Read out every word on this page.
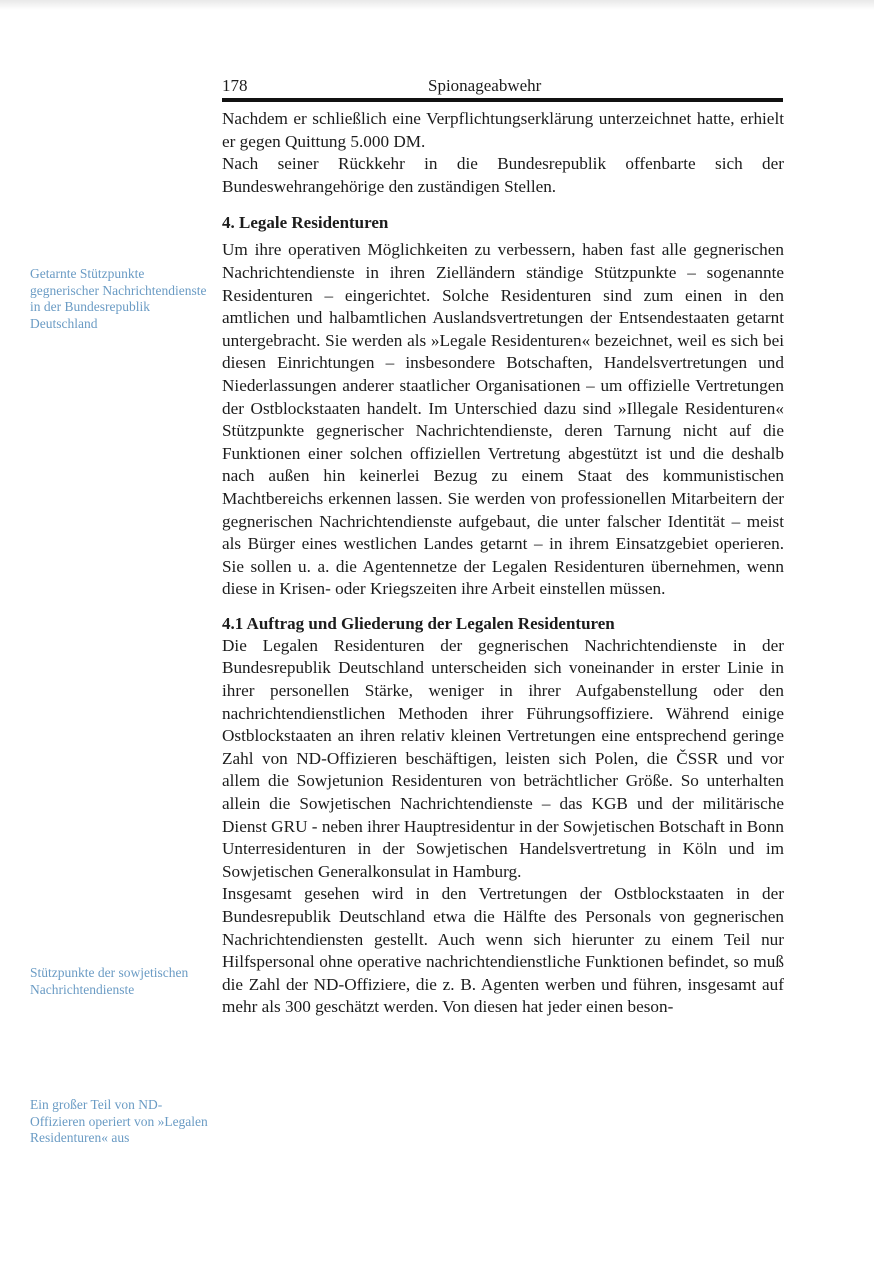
178	Spionageabwehr

Nachdem er schließlich eine Verpflichtungserklärung unterzeichnet hatte, erhielt er gegen Quittung 5.000 DM.

Nach seiner Rückkehr in die Bundesrepublik offenbarte sich der Bundeswehrangehörige den zuständigen Stellen.

4. Legale Residenturen

Um ihre operativen Möglichkeiten zu verbessern, haben fast alle gegnerischen Nachrichtendienste in ihren Zielländern ständige Stützpunkte – sogenannte Residenturen – eingerichtet. Solche Residenturen sind zum einen in den amtlichen und halbamtlichen Auslandsvertretungen der Entsendestaaten getarnt untergebracht. Sie werden als »Legale Residenturen« bezeichnet, weil es sich bei diesen Einrichtungen – insbesondere Botschaften, Handelsvertretungen und Niederlassungen anderer staatlicher Organisationen – um offizielle Vertretungen der Ostblockstaaten handelt. Im Unterschied dazu sind »Illegale Residenturen« Stützpunkte gegnerischer Nachrichtendienste, deren Tarnung nicht auf die Funktionen einer solchen offiziellen Vertretung abgestützt ist und die deshalb nach außen hin keinerlei Bezug zu einem Staat des kommunistischen Machtbereichs erkennen lassen. Sie werden von professionellen Mitarbeitern der gegnerischen Nachrichtendienste aufgebaut, die unter falscher Identität – meist als Bürger eines westlichen Landes getarnt – in ihrem Einsatzgebiet operieren. Sie sollen u. a. die Agentennetze der Legalen Residenturen übernehmen, wenn diese in Krisen- oder Kriegszeiten ihre Arbeit einstellen müssen.

4.1 Auftrag und Gliederung der Legalen Residenturen

Die Legalen Residenturen der gegnerischen Nachrichtendienste in der Bundesrepublik Deutschland unterscheiden sich voneinander in erster Linie in ihrer personellen Stärke, weniger in ihrer Aufgabenstellung oder den nachrichtendienstlichen Methoden ihrer Führungsoffiziere. Während einige Ostblockstaaten an ihren relativ kleinen Vertretungen eine entsprechend geringe Zahl von ND-Offizieren beschäftigen, leisten sich Polen, die ČSSR und vor allem die Sowjetunion Residenturen von beträchtlicher Größe. So unterhalten allein die Sowjetischen Nachrichtendienste – das KGB und der militärische Dienst GRU - neben ihrer Hauptresidentur in der Sowjetischen Botschaft in Bonn Unterresidenturen in der Sowjetischen Handelsvertretung in Köln und im Sowjetischen Generalkonsulat in Hamburg.

Insgesamt gesehen wird in den Vertretungen der Ostblockstaaten in der Bundesrepublik Deutschland etwa die Hälfte des Personals von gegnerischen Nachrichtendiensten gestellt. Auch wenn sich hierunter zu einem Teil nur Hilfspersonal ohne operative nachrichtendienstliche Funktionen befindet, so muß die Zahl der ND-Offiziere, die z. B. Agenten werben und führen, insgesamt auf mehr als 300 geschätzt werden. Von diesen hat jeder einen beson-

Getarnte Stützpunkte gegnerischer Nachrichtendienste in der Bundesrepublik Deutschland
Stützpunkte der sowjetischen Nachrichtendienste
Ein großer Teil von ND-Offizieren operiert von »Legalen Residenturen« aus
